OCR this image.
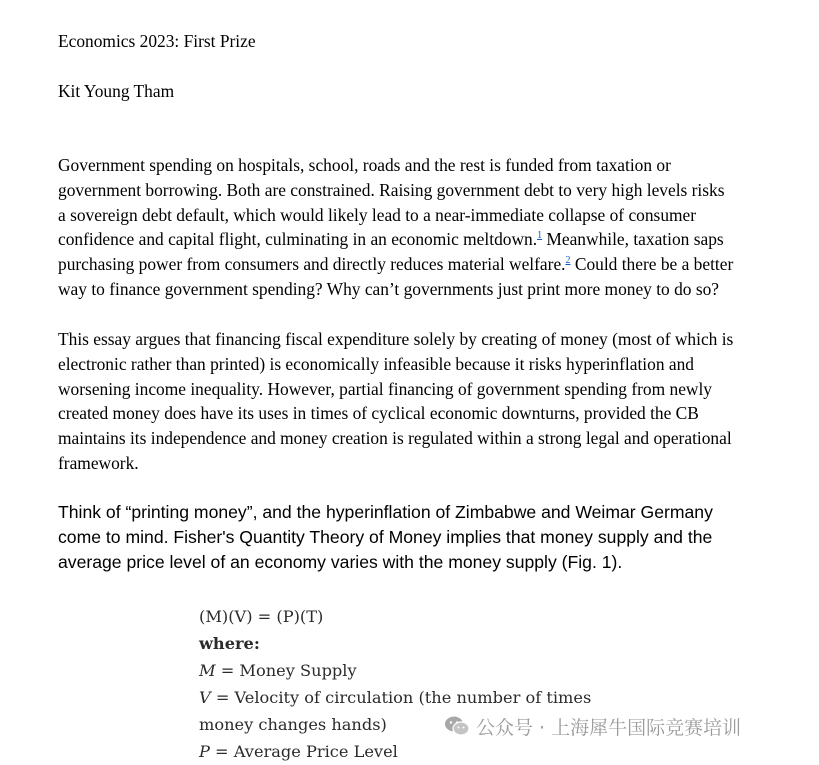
Economics 2023: First Prize
Kit Young Tham
Government spending on hospitals, school, roads and the rest is funded from taxation or
government borrowing. Both are constrained. Raising government debt to very high levels risks
a sovereign debt default, which would likely lead to a near-immediate collapse of consumer
confidence and capital flight, culminating in an economic meltdown.$^1$ Meanwhile, taxation saps
purchasing power from consumers and directly reduces material welfare.$^2$ Could there be a better
way to finance government spending? Why can’t governments just print more money to do so?
This essay argues that financing fiscal expenditure solely by creating of money (most of which is
electronic rather than printed) is economically infeasible because it risks hyperinflation and
worsening income inequality. However, partial financing of government spending from newly
created money does have its uses in times of cyclical economic downturns, provided the CB
maintains its independence and money creation is regulated within a strong legal and operational
framework.
Think of “printing money”, and the hyperinflation of Zimbabwe and Weimar Germany
come to mind. Fisher's Quantity Theory of Money implies that money supply and the
average price level of an economy varies with the money supply (Fig. 1).
(M)(V) = (P)(T)
where:
M = Money Supply
V = Velocity of circulation (the number of times
money changes hands)
P = Average Price Level
公众号 · 上海犀牛国际竞赛培训
